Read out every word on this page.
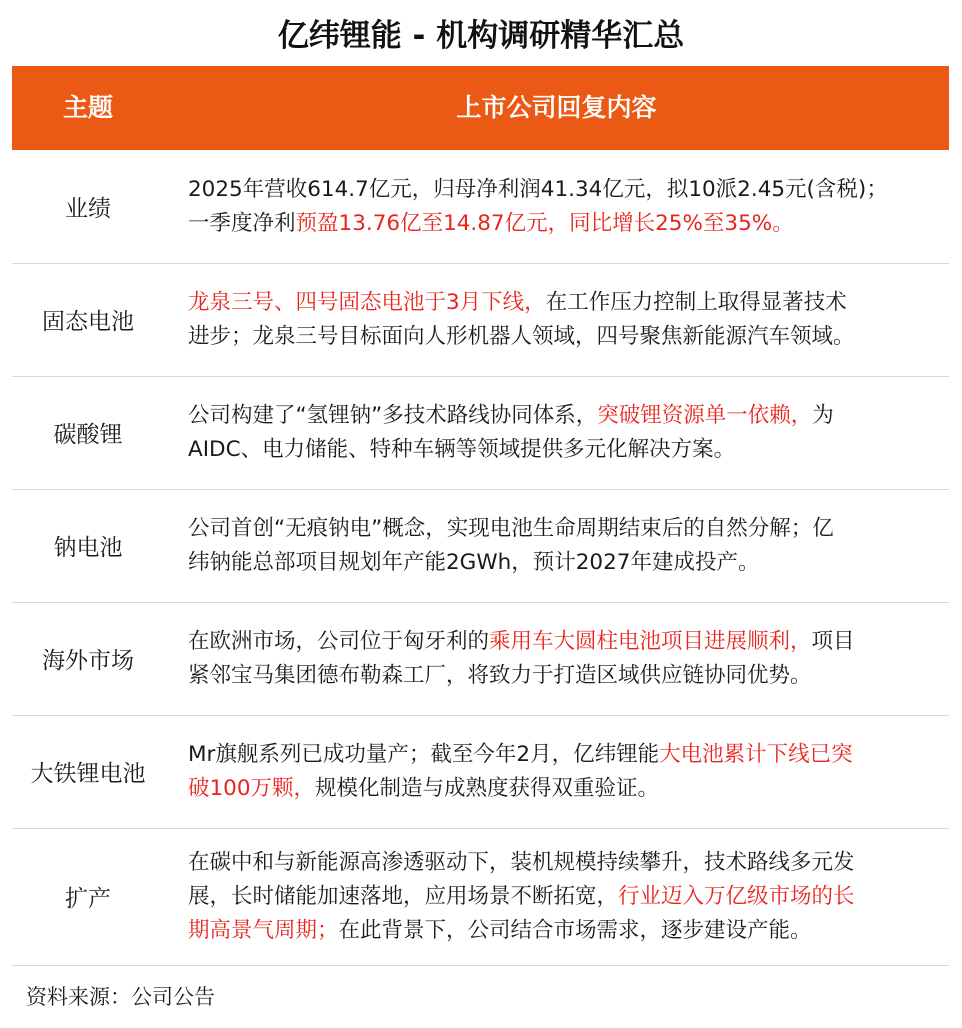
亿纬锂能 - 机构调研精华汇总
主题	上市公司回复内容
业绩
2025年营收614.7亿元，归母净利润41.34亿元，拟10派2.45元(含税)；
一季度净利预盈13.76亿至14.87亿元，同比增长25%至35%。
固态电池
龙泉三号、四号固态电池于3月下线，在工作压力控制上取得显著技术
进步；龙泉三号目标面向人形机器人领域，四号聚焦新能源汽车领域。
碳酸锂
公司构建了“氢锂钠”多技术路线协同体系，突破锂资源单一依赖，为
AIDC、电力储能、特种车辆等领域提供多元化解决方案。
钠电池
公司首创“无痕钠电”概念，实现电池生命周期结束后的自然分解；亿
纬钠能总部项目规划年产能2GWh，预计2027年建成投产。
海外市场
在欧洲市场，公司位于匈牙利的乘用车大圆柱电池项目进展顺利，项目
紧邻宝马集团德布勒森工厂，将致力于打造区域供应链协同优势。
大铁锂电池
Mr旗舰系列已成功量产；截至今年2月，亿纬锂能大电池累计下线已突
破100万颗，规模化制造与成熟度获得双重验证。
扩产
在碳中和与新能源高渗透驱动下，装机规模持续攀升，技术路线多元发
展，长时储能加速落地，应用场景不断拓宽，行业迈入万亿级市场的长
期高景气周期；在此背景下，公司结合市场需求，逐步建设产能。
资料来源：公司公告
